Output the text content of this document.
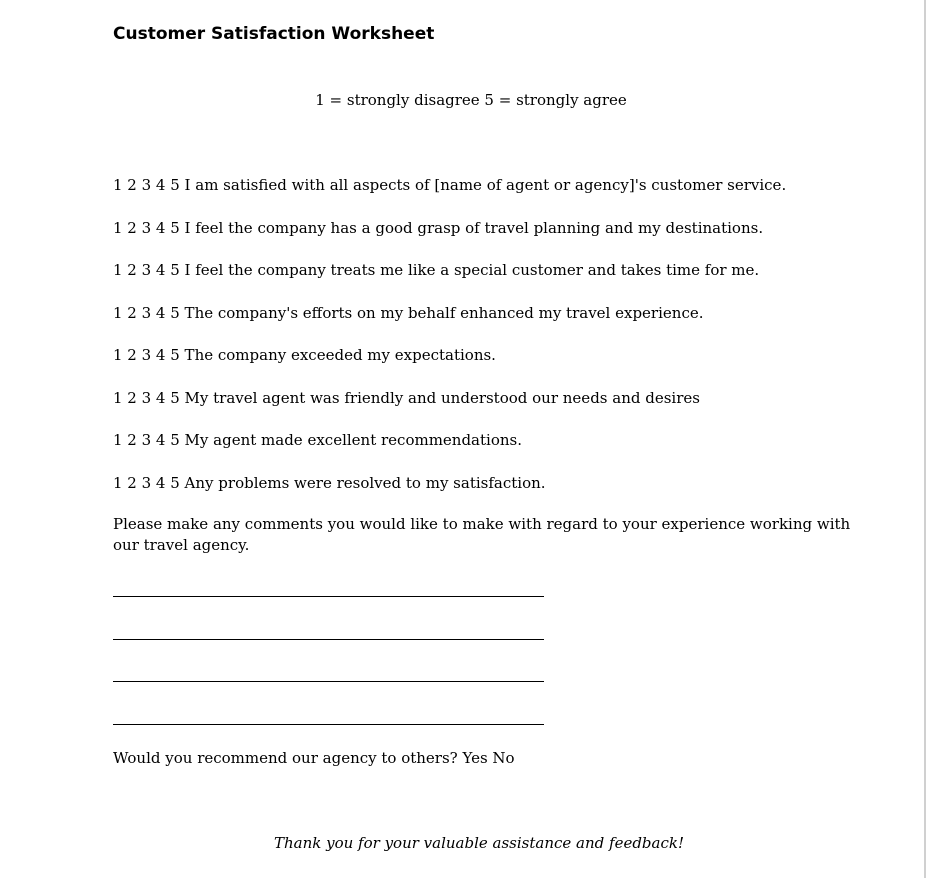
Customer Satisfaction Worksheet
1 = strongly disagree 5 = strongly agree
1 2 3 4 5 I am satisfied with all aspects of [name of agent or agency]'s customer service.
1 2 3 4 5 I feel the company has a good grasp of travel planning and my destinations.
1 2 3 4 5 I feel the company treats me like a special customer and takes time for me.
1 2 3 4 5 The company's efforts on my behalf enhanced my travel experience.
1 2 3 4 5 The company exceeded my expectations.
1 2 3 4 5 My travel agent was friendly and understood our needs and desires
1 2 3 4 5 My agent made excellent recommendations.
1 2 3 4 5 Any problems were resolved to my satisfaction.
Please make any comments you would like to make with regard to your experience working with our travel agency.
Would you recommend our agency to others? Yes No
Thank you for your valuable assistance and feedback!
